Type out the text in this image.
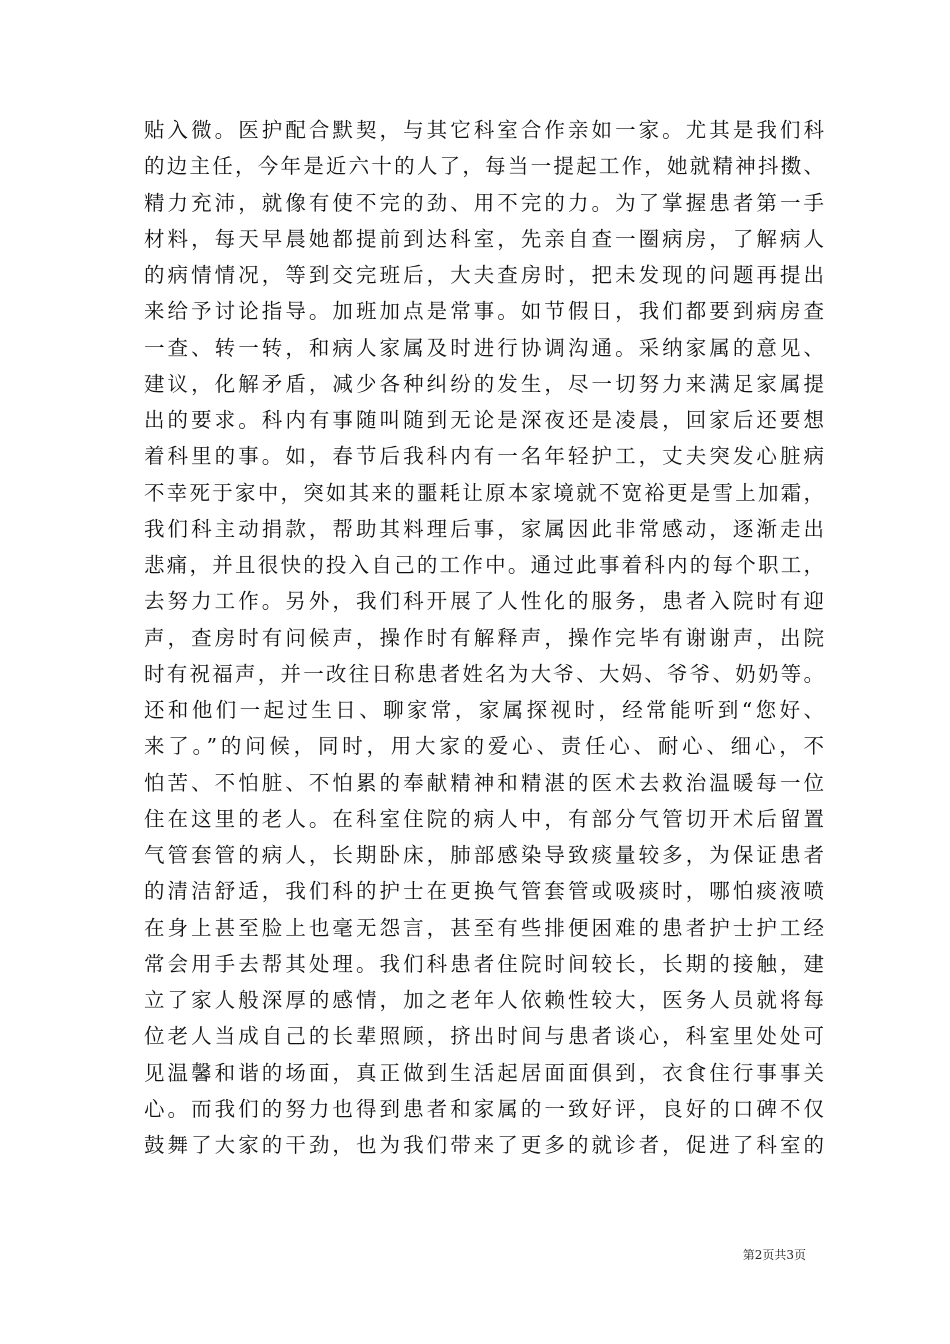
贴入微。医护配合默契，与其它科室合作亲如一家。尤其是我们科
的边主任，今年是近六十的人了，每当一提起工作，她就精神抖擞、
精力充沛，就像有使不完的劲、用不完的力。为了掌握患者第一手
材料，每天早晨她都提前到达科室，先亲自查一圈病房，了解病人
的病情情况，等到交完班后，大夫查房时，把未发现的问题再提出
来给予讨论指导。加班加点是常事。如节假日，我们都要到病房查
一查、转一转，和病人家属及时进行协调沟通。采纳家属的意见、
建议，化解矛盾，减少各种纠纷的发生，尽一切努力来满足家属提
出的要求。科内有事随叫随到无论是深夜还是凌晨，回家后还要想
着科里的事。如，春节后我科内有一名年轻护工，丈夫突发心脏病
不幸死于家中，突如其来的噩耗让原本家境就不宽裕更是雪上加霜，
我们科主动捐款，帮助其料理后事，家属因此非常感动，逐渐走出
悲痛，并且很快的投入自己的工作中。通过此事着科内的每个职工，
去努力工作。另外，我们科开展了人性化的服务，患者入院时有迎
声，查房时有问候声，操作时有解释声，操作完毕有谢谢声，出院
时有祝福声，并一改往日称患者姓名为大爷、大妈、爷爷、奶奶等。
还和他们一起过生日、聊家常，家属探视时，经常能听到“您好、
来了。”的问候，同时，用大家的爱心、责任心、耐心、细心，不
怕苦、不怕脏、不怕累的奉献精神和精湛的医术去救治温暖每一位
住在这里的老人。在科室住院的病人中，有部分气管切开术后留置
气管套管的病人，长期卧床，肺部感染导致痰量较多，为保证患者
的清洁舒适，我们科的护士在更换气管套管或吸痰时，哪怕痰液喷
在身上甚至脸上也毫无怨言，甚至有些排便困难的患者护士护工经
常会用手去帮其处理。我们科患者住院时间较长，长期的接触，建
立了家人般深厚的感情，加之老年人依赖性较大，医务人员就将每
位老人当成自己的长辈照顾，挤出时间与患者谈心，科室里处处可
见温馨和谐的场面，真正做到生活起居面面俱到，衣食住行事事关
心。而我们的努力也得到患者和家属的一致好评，良好的口碑不仅
鼓舞了大家的干劲，也为我们带来了更多的就诊者，促进了科室的
第2页共3页
